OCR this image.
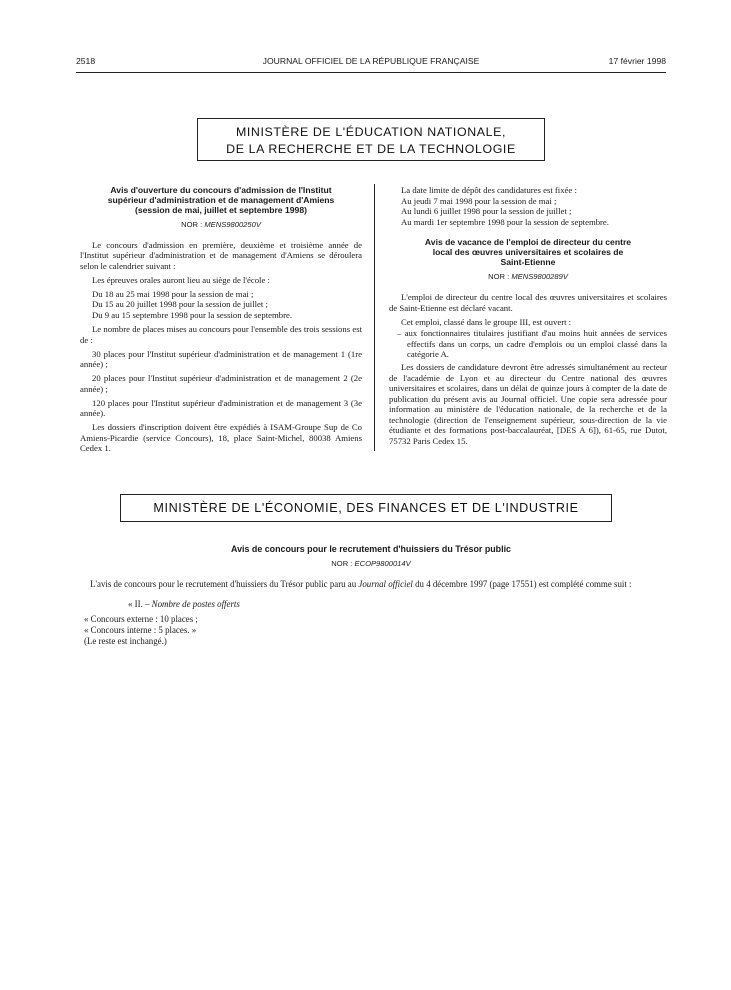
2518	JOURNAL OFFICIEL DE LA RÉPUBLIQUE FRANÇAISE	17 février 1998
MINISTÈRE DE L'ÉDUCATION NATIONALE,
DE LA RECHERCHE ET DE LA TECHNOLOGIE
Avis d'ouverture du concours d'admission de l'Institut
supérieur d'administration et de management d'Amiens
(session de mai, juillet et septembre 1998)
NOR : MENS9800250V
Le concours d'admission en première, deuxième et troisième année de l'Institut supérieur d'administration et de management d'Amiens se déroulera selon le calendrier suivant :
Les épreuves orales auront lieu au siège de l'école :
Du 18 au 25 mai 1998 pour la session de mai ;
Du 15 au 20 juillet 1998 pour la session de juillet ;
Du 9 au 15 septembre 1998 pour la session de septembre.
Le nombre de places mises au concours pour l'ensemble des trois sessions est de :
30 places pour l'Institut supérieur d'administration et de management 1 (1re année) ;
20 places pour l'Institut supérieur d'administration et de management 2 (2e année) ;
120 places pour l'Institut supérieur d'administration et de management 3 (3e année).
Les dossiers d'inscription doivent être expédiés à ISAM-Groupe Sup de Co Amiens-Picardie (service Concours), 18, place Saint-Michel, 80038 Amiens Cedex 1.
La date limite de dépôt des candidatures est fixée :
Au jeudi 7 mai 1998 pour la session de mai ;
Au lundi 6 juillet 1998 pour la session de juillet ;
Au mardi 1er septembre 1998 pour la session de septembre.
Avis de vacance de l'emploi de directeur du centre
local des œuvres universitaires et scolaires de
Saint-Etienne
NOR : MENS9800289V
L'emploi de directeur du centre local des œuvres universitaires et scolaires de Saint-Etienne est déclaré vacant.
Cet emploi, classé dans le groupe III, est ouvert :
– aux fonctionnaires titulaires justifiant d'au moins huit années de services effectifs dans un corps, un cadre d'emplois ou un emploi classé dans la catégorie A.
Les dossiers de candidature devront être adressés simultanément au recteur de l'académie de Lyon et au directeur du Centre national des œuvres universitaires et scolaires, dans un délai de quinze jours à compter de la date de publication du présent avis au Journal officiel. Une copie sera adressée pour information au ministère de l'éducation nationale, de la recherche et de la technologie (direction de l'enseignement supérieur, sous-direction de la vie étudiante et des formations post-baccalauréat, [DES A 6]), 61-65, rue Dutot, 75732 Paris Cedex 15.
MINISTÈRE DE L'ÉCONOMIE, DES FINANCES ET DE L'INDUSTRIE
Avis de concours pour le recrutement d'huissiers du Trésor public
NOR : ECOP9800014V
L'avis de concours pour le recrutement d'huissiers du Trésor public paru au Journal officiel du 4 décembre 1997 (page 17551) est complété comme suit :
« II. – Nombre de postes offerts
« Concours externe : 10 places ;
« Concours interne : 5 places. »
(Le reste est inchangé.)
